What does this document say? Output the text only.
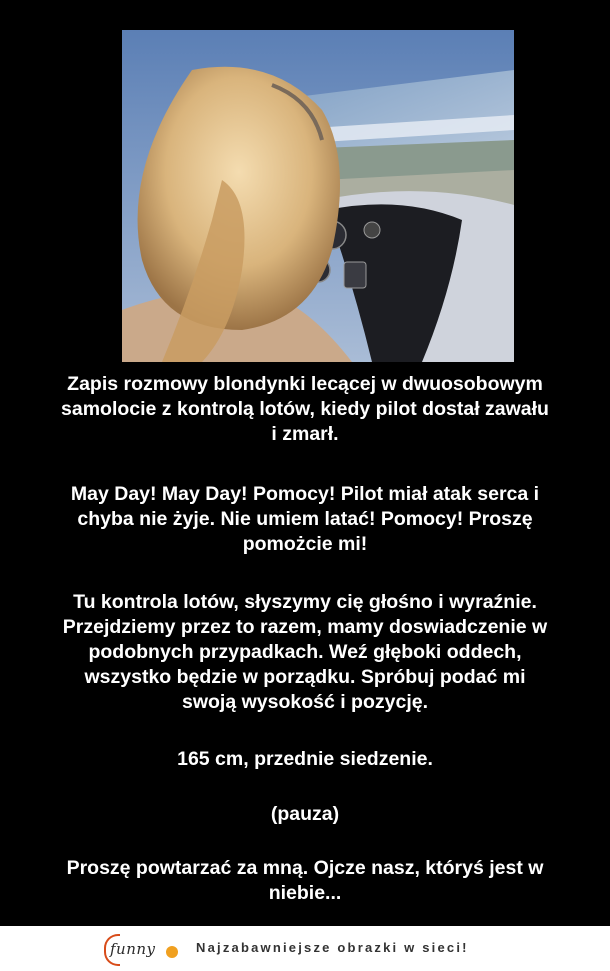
Zapis rozmowy blondynki lecącej w dwuosobowym
samolocie z kontrolą lotów, kiedy pilot dostał zawału
i zmarł.
May Day! May Day! Pomocy! Pilot miał atak serca i
chyba nie żyje. Nie umiem latać! Pomocy! Proszę
pomożcie mi!
Tu kontrola lotów, słyszymy cię głośno i wyraźnie.
Przejdziemy przez to razem, mamy doswiadczenie w
podobnych przypadkach. Weź głęboki oddech,
wszystko będzie w porządku. Spróbuj podać mi
swoją wysokość i pozycję.
165 cm, przednie siedzenie.
(pauza)
Proszę powtarzać za mną. Ojcze nasz, któryś jest w
niebie...
funny	Najzabawniejsze obrazki w sieci!
